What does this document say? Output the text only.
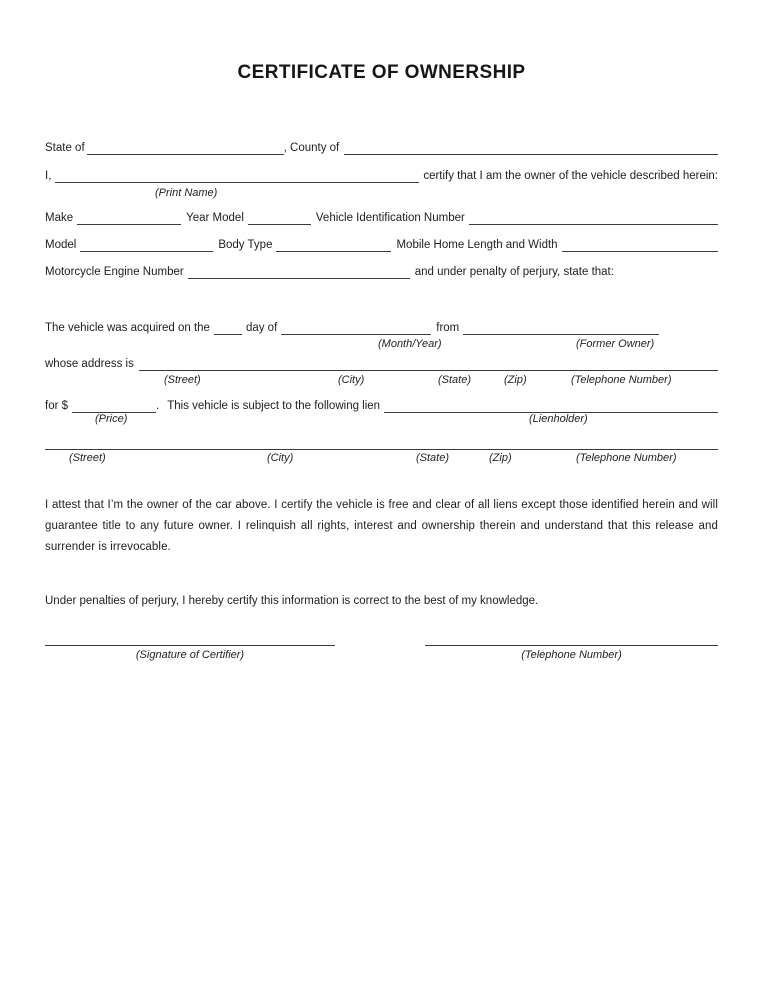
CERTIFICATE OF OWNERSHIP
State of	, County of
I,	certify that I am the owner of the vehicle described herein:
(Print Name)
Make	Year Model	Vehicle Identification Number
Model	Body Type	Mobile Home Length and Width
Motorcycle Engine Number	and under penalty of perjury, state that:
The vehicle was acquired on the	day of	from
(Month/Year)	(Former Owner)
whose address is
(Street)	(City)	(State)	(Zip)	(Telephone Number)
for $	. This vehicle is subject to the following lien
(Price)	(Lienholder)
(Street)	(City)	(State)	(Zip)	(Telephone Number)
I attest that I’m the owner of the car above. I certify the vehicle is free and clear of all liens except those identified herein and will guarantee title to any future owner. I relinquish all rights, interest and ownership therein and understand that this release and surrender is irrevocable.
Under penalties of perjury, I hereby certify this information is correct to the best of my knowledge.
(Signature of Certifier)	(Telephone Number)
